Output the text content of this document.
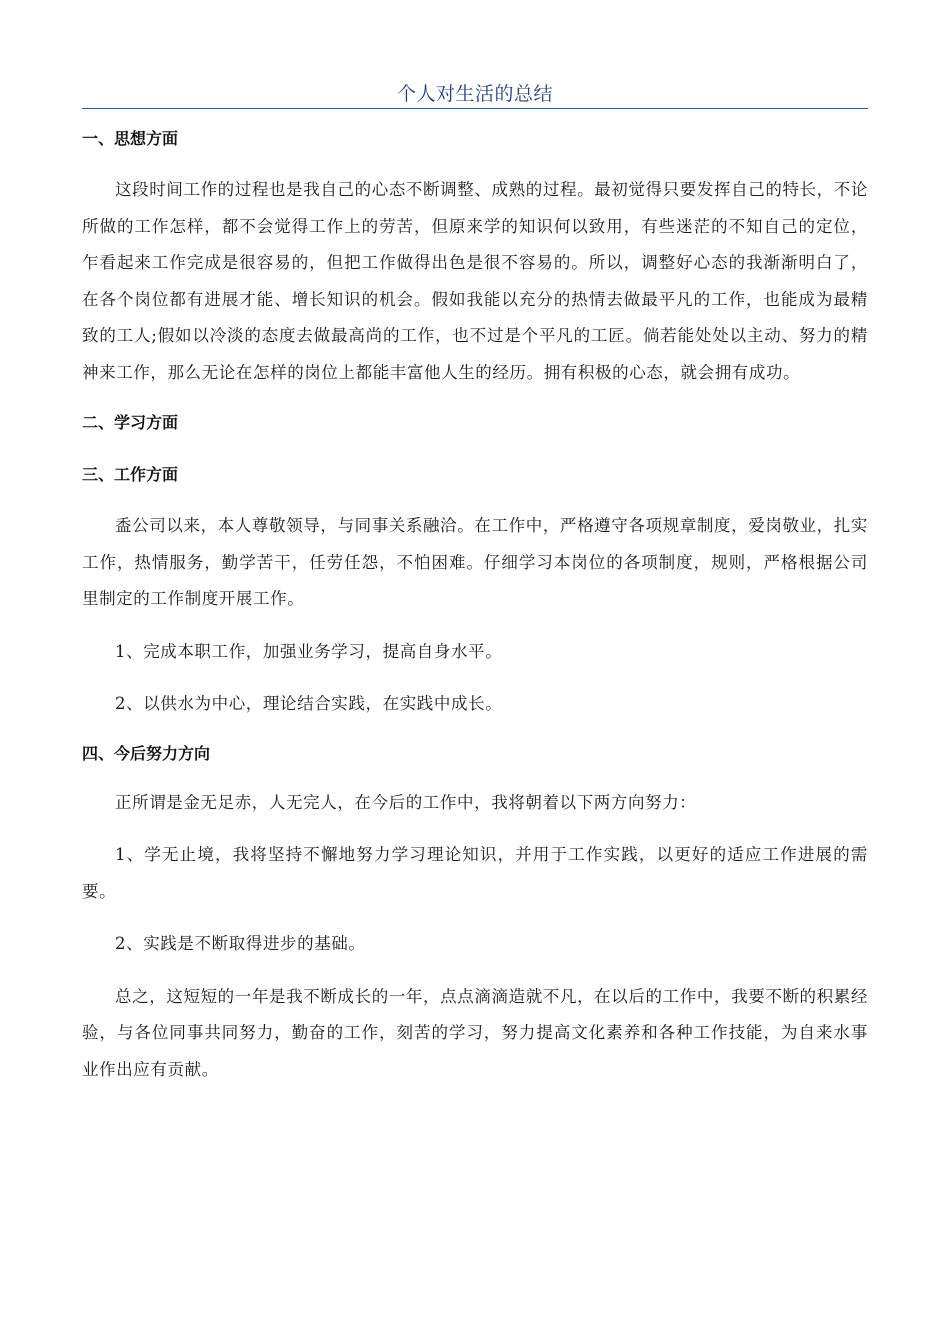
个人对生活的总结

一、思想方面

这段时间工作的过程也是我自己的心态不断调整、成熟的过程。最初觉得只要发挥自己的特长，不论所做的工作怎样，都不会觉得工作上的劳苦，但原来学的知识何以致用，有些迷茫的不知自己的定位，乍看起来工作完成是很容易的，但把工作做得出色是很不容易的。所以，调整好心态的我渐渐明白了，在各个岗位都有进展才能、增长知识的机会。假如我能以充分的热情去做最平凡的工作，也能成为最精致的工人;假如以冷淡的态度去做最高尚的工作，也不过是个平凡的工匠。倘若能处处以主动、努力的精神来工作，那么无论在怎样的岗位上都能丰富他人生的经历。拥有积极的心态，就会拥有成功。

二、学习方面

三、工作方面

盉公司以来，本人尊敬领导，与同事关系融洽。在工作中，严格遵守各项规章制度，爱岗敬业，扎实工作，热情服务，勤学苦干，任劳任怨，不怕困难。仔细学习本岗位的各项制度，规则，严格根据公司里制定的工作制度开展工作。

1、完成本职工作，加强业务学习，提高自身水平。

2、以供水为中心，理论结合实践，在实践中成长。

四、今后努力方向

正所谓是金无足赤，人无完人，在今后的工作中，我将朝着以下两方向努力：

1、学无止境，我将坚持不懈地努力学习理论知识，并用于工作实践，以更好的适应工作进展的需要。

2、实践是不断取得进步的基础。

总之，这短短的一年是我不断成长的一年，点点滴滴造就不凡，在以后的工作中，我要不断的积累经验，与各位同事共同努力，勤奋的工作，刻苦的学习，努力提高文化素养和各种工作技能，为自来水事业作出应有贡献。
